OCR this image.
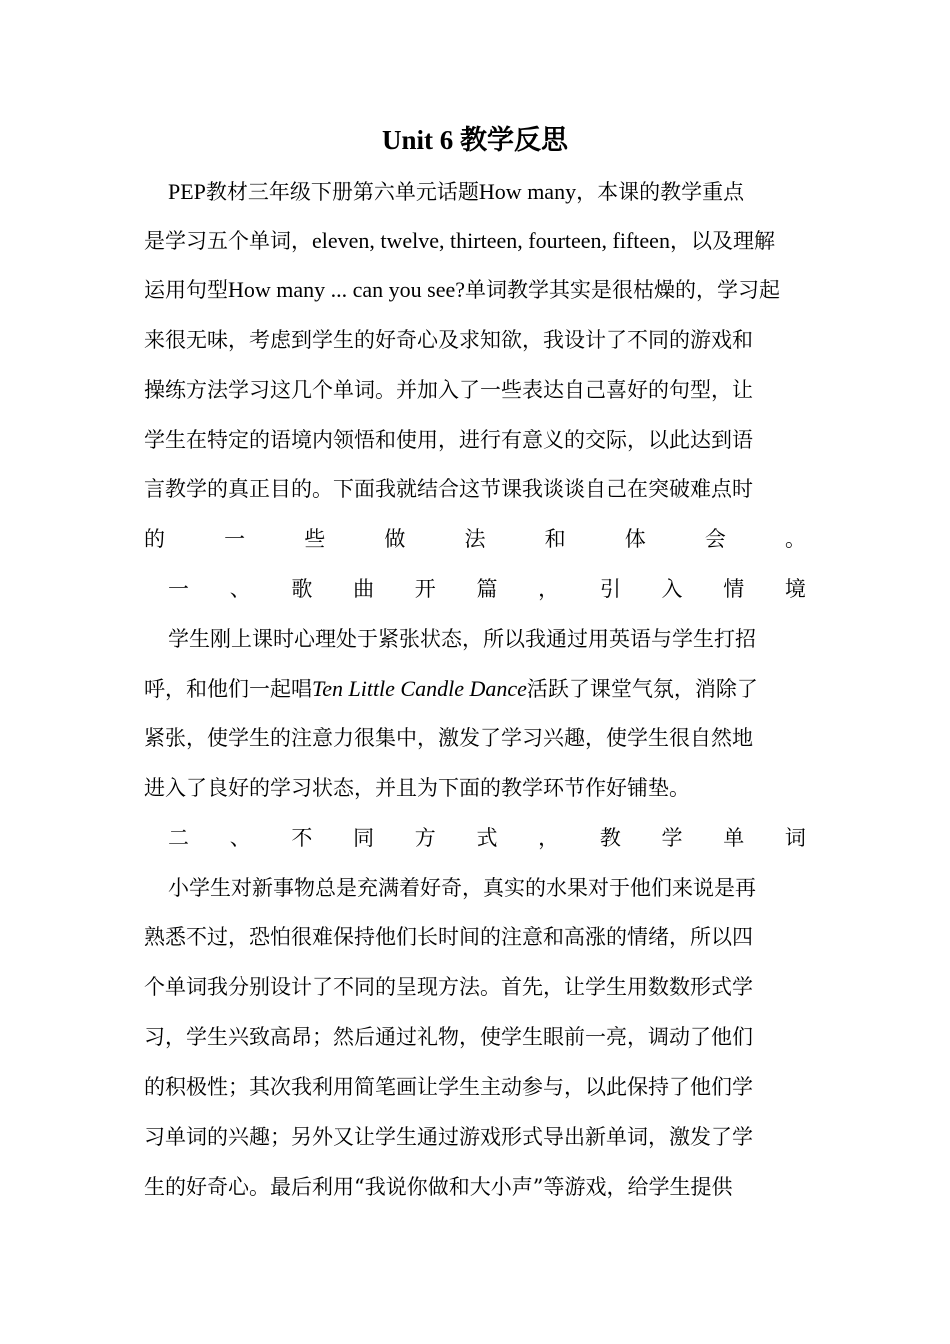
Unit 6 教学反思
PEP教材三年级下册第六单元话题How many，本课的教学重点
是学习五个单词，eleven, twelve, thirteen, fourteen, fifteen，以及理解
运用句型How many ... can you see?单词教学其实是很枯燥的，学习起
来很无味，考虑到学生的好奇心及求知欲，我设计了不同的游戏和
操练方法学习这几个单词。并加入了一些表达自己喜好的句型，让
学生在特定的语境内领悟和使用，进行有意义的交际，以此达到语
言教学的真正目的。下面我就结合这节课我谈谈自己在突破难点时
的	一	些	做	法	和	体	会	。
一 、 歌 曲 开 篇 ， 引 入 情 境
学生刚上课时心理处于紧张状态，所以我通过用英语与学生打招
呼，和他们一起唱Ten Little Candle Dance活跃了课堂气氛，消除了
紧张，使学生的注意力很集中，激发了学习兴趣，使学生很自然地
进入了良好的学习状态，并且为下面的教学环节作好铺垫。
二 、 不 同 方 式 ， 教 学 单 词
小学生对新事物总是充满着好奇，真实的水果对于他们来说是再
熟悉不过，恐怕很难保持他们长时间的注意和高涨的情绪，所以四
个单词我分别设计了不同的呈现方法。首先，让学生用数数形式学
习，学生兴致高昂；然后通过礼物，使学生眼前一亮，调动了他们
的积极性；其次我利用简笔画让学生主动参与，以此保持了他们学
习单词的兴趣；另外又让学生通过游戏形式导出新单词，激发了学
生的好奇心。最后利用“我说你做和大小声”等游戏，给学生提供
